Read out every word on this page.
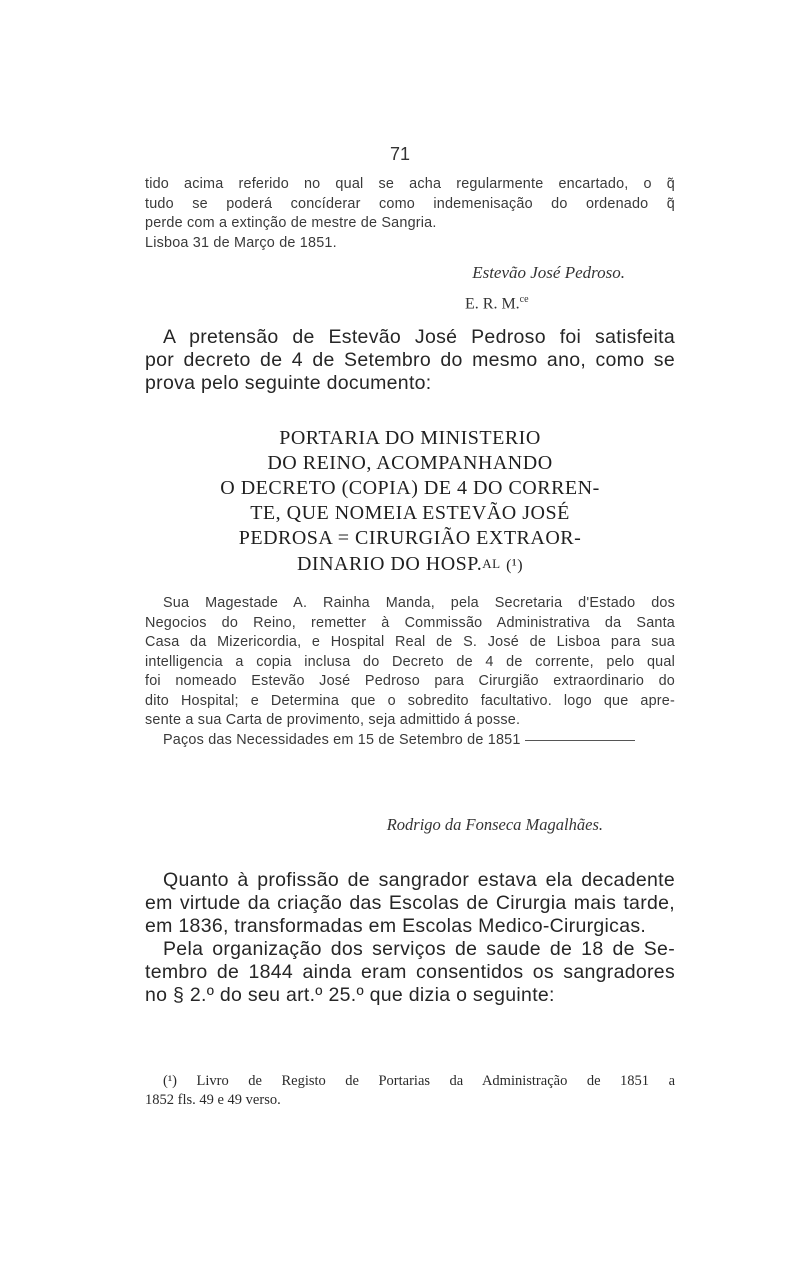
71
tido acima referido no qual se acha regularmente encartado, o q̃
tudo se poderá concíderar como indemenisação do ordenado q̃
perde com a extinção de mestre de Sangria.
Lisboa 31 de Março de 1851.
Estevão José Pedroso.
E. R. M.$^{ce}$
A pretensão de Estevão José Pedroso foi satisfeita
por decreto de 4 de Setembro do mesmo ano, como se
prova pelo seguinte documento:
PORTARIA DO MINISTERIO
DO REINO, ACOMPANHANDO
O DECRETO (COPIA) DE 4 DO CORREN-
TE, QUE NOMEIA ESTEVÃO JOSÉ
PEDROSA = CIRURGIÃO EXTRAOR-
DINARIO DO HOSP.AL (¹)
Sua Magestade A. Rainha Manda, pela Secretaria d'Estado dos
Negocios do Reino, remetter à Commissão Administrativa da Santa
Casa da Mizericordia, e Hospital Real de S. José de Lisboa para sua
intelligencia a copia inclusa do Decreto de 4 de corrente, pelo qual
foi nomeado Estevão José Pedroso para Cirurgião extraordinario do
dito Hospital; e Determina que o sobredito facultativo. logo que apre-
sente a sua Carta de provimento, seja admittido á posse.
Paços das Necessidades em 15 de Setembro de 1851
Rodrigo da Fonseca Magalhães.
Quanto à profissão de sangrador estava ela decadente
em virtude da criação das Escolas de Cirurgia mais tarde,
em 1836, transformadas em Escolas Medico-Cirurgicas.
Pela organização dos serviços de saude de 18 de Se-
tembro de 1844 ainda eram consentidos os sangradores
no § 2.º do seu art.º 25.º que dizia o seguinte:
(¹) Livro de Registo de Portarias da Administração de 1851 a
1852 fls. 49 e 49 verso.
